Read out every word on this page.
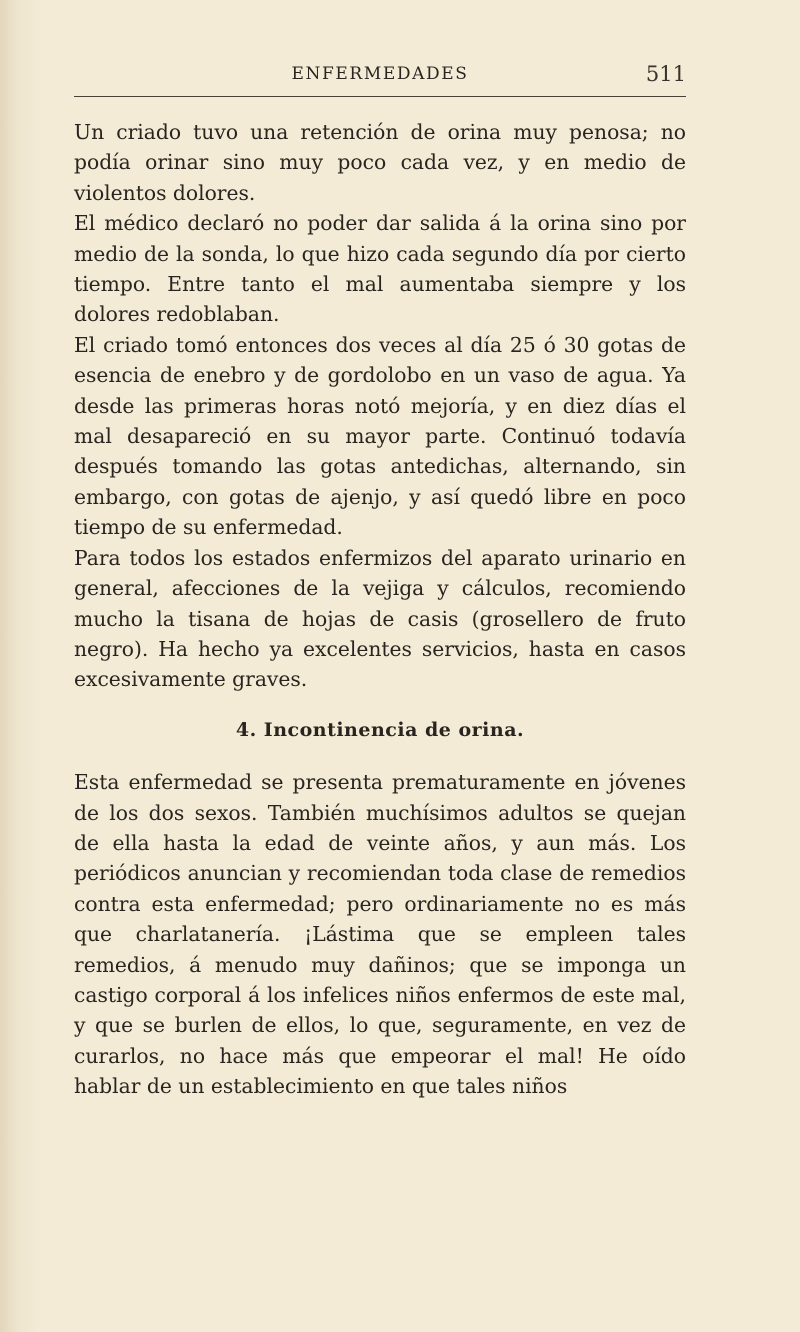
ENFERMEDADES	511

Un criado tuvo una retención de orina muy penosa; no podía orinar sino muy poco cada vez, y en medio de violentos dolores.

El médico declaró no poder dar salida á la orina sino por medio de la sonda, lo que hizo cada segundo día por cierto tiempo. Entre tanto el mal aumentaba siempre y los dolores redoblaban.

El criado tomó entonces dos veces al día 25 ó 30 gotas de esencia de enebro y de gordolobo en un vaso de agua. Ya desde las primeras horas notó mejoría, y en diez días el mal desapareció en su mayor parte. Continuó todavía después tomando las gotas antedichas, alternando, sin embargo, con gotas de ajenjo, y así quedó libre en poco tiempo de su enfermedad.

Para todos los estados enfermizos del aparato urinario en general, afecciones de la vejiga y cálculos, recomiendo mucho la tisana de hojas de casis (grosellero de fruto negro). Ha hecho ya excelentes servicios, hasta en casos excesivamente graves.

4. Incontinencia de orina.

Esta enfermedad se presenta prematuramente en jóvenes de los dos sexos. También muchísimos adultos se quejan de ella hasta la edad de veinte años, y aun más. Los periódicos anuncian y recomiendan toda clase de remedios contra esta enfermedad; pero ordinariamente no es más que charlatanería. ¡Lástima que se empleen tales remedios, á menudo muy dañinos; que se imponga un castigo corporal á los infelices niños enfermos de este mal, y que se burlen de ellos, lo que, seguramente, en vez de curarlos, no hace más que empeorar el mal! He oído hablar de un establecimiento en que tales niños
